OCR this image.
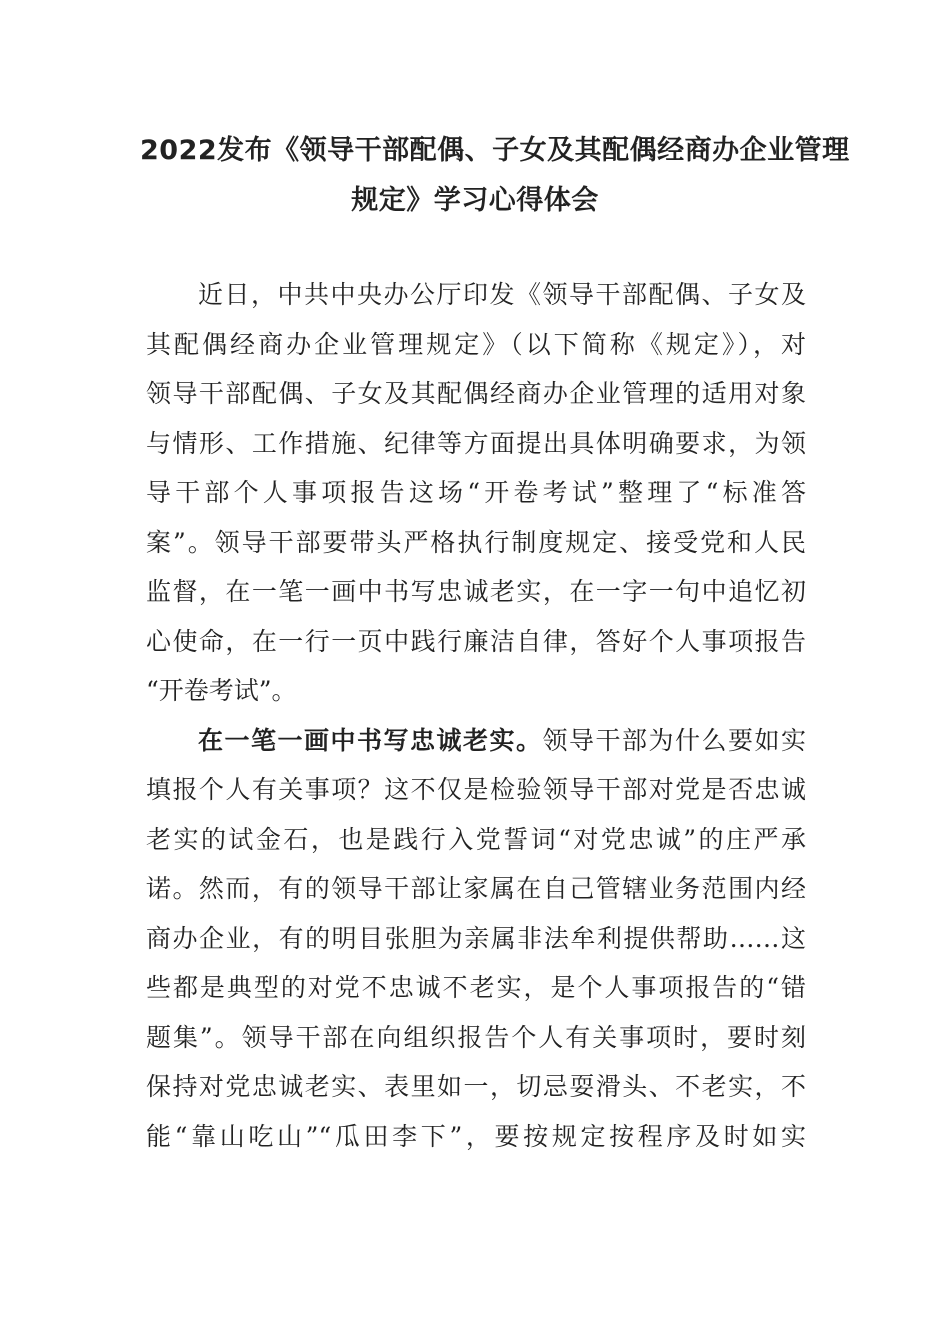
2022发布《领导干部配偶、子女及其配偶经商办企业管理
规定》学习心得体会

近日，中共中央办公厅印发《领导干部配偶、子女及
其配偶经商办企业管理规定》（以下简称《规定》），对
领导干部配偶、子女及其配偶经商办企业管理的适用对象
与情形、工作措施、纪律等方面提出具体明确要求，为领
导干部个人事项报告这场“开卷考试”整理了“标准答
案”。领导干部要带头严格执行制度规定、接受党和人民
监督，在一笔一画中书写忠诚老实，在一字一句中追忆初
心使命，在一行一页中践行廉洁自律，答好个人事项报告
“开卷考试”。

在一笔一画中书写忠诚老实。领导干部为什么要如实
填报个人有关事项？这不仅是检验领导干部对党是否忠诚
老实的试金石，也是践行入党誓词“对党忠诚”的庄严承
诺。然而，有的领导干部让家属在自己管辖业务范围内经
商办企业，有的明目张胆为亲属非法牟利提供帮助……这
些都是典型的对党不忠诚不老实，是个人事项报告的“错
题集”。领导干部在向组织报告个人有关事项时，要时刻
保持对党忠诚老实、表里如一，切忌耍滑头、不老实，不
能“靠山吃山”“瓜田李下”，要按规定按程序及时如实
